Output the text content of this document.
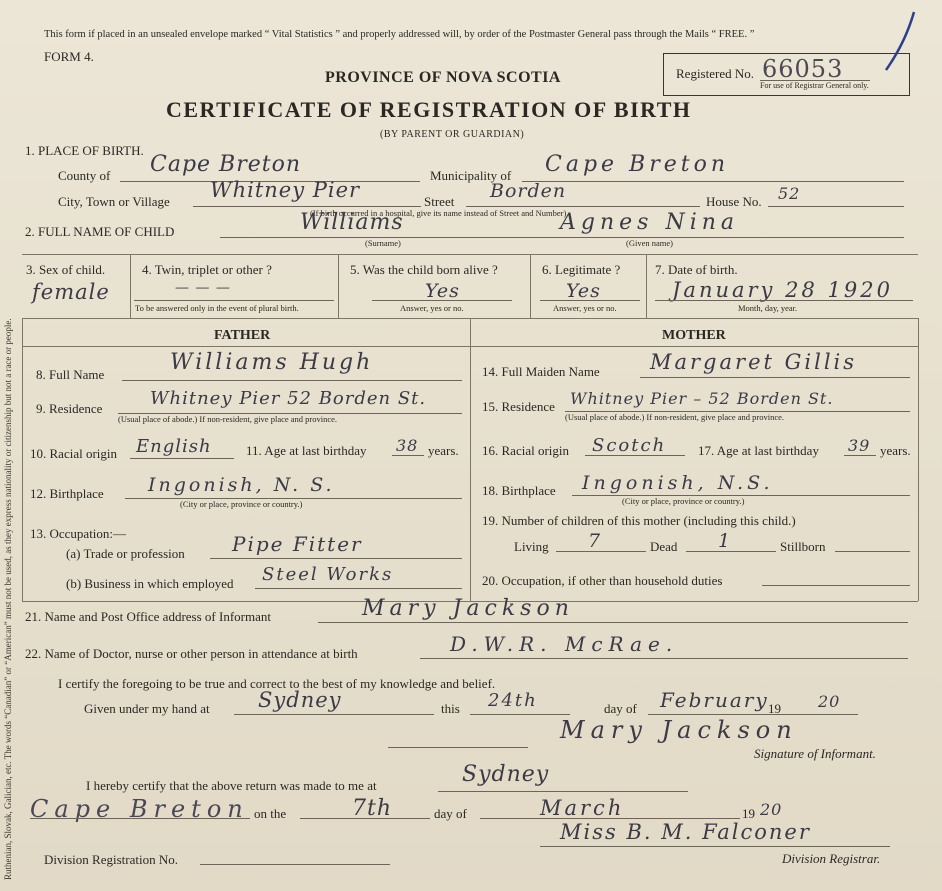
Ruthenian, Slovak, Galician, etc. The words “Canadian” or “American” must not be used, as they express nationality or citizenship but not a race or people.
This form if placed in an unsealed envelope marked “ Vital Statistics ” and properly addressed will, by order of the Postmaster General pass through the Mails “ FREE. ”
FORM 4.
PROVINCE OF NOVA SCOTIA
CERTIFICATE OF REGISTRATION OF BIRTH
(BY PARENT OR GUARDIAN)
Registered No. 66053
For use of Registrar General only.
1. PLACE OF BIRTH.
County of Cape Breton	Municipality of Cape Breton
City, Town or Village Whitney Pier	Street Borden	House No. 52
(If birth occurred in a hospital, give its name instead of Street and Number)
2. FULL NAME OF CHILD	Williams	Agnes Nina
(Surname)	(Given name)
3. Sex of child.
female
4. Twin, triplet or other ?
— — —
To be answered only in the event of plural birth.
5. Was the child born alive ?
Yes
Answer, yes or no.
6. Legitimate ?
Yes
Answer, yes or no.
7. Date of birth.
January 28 1920
Month, day, year.
FATHER	MOTHER
8. Full Name	Williams Hugh
9. Residence	Whitney Pier 52 Borden St.
(Usual place of abode.) If non-resident, give place and province.
10. Racial origin English	11. Age at last birthday 38 years.
12. Birthplace Ingonish, N. S.
(City or place, province or country.)
13. Occupation:—
(a) Trade or profession Pipe Fitter
(b) Business in which employed Steel Works
14. Full Maiden Name Margaret Gillis
15. Residence Whitney Pier – 52 Borden St.
(Usual place of abode.) If non-resident, give place and province.
16. Racial origin Scotch 17. Age at last birthday 39 years.
18. Birthplace Ingonish, N.S.
(City or place, province or country.)
19. Number of children of this mother (including this child.)
Living 7	Dead 1	Stillborn
20. Occupation, if other than household duties
21. Name and Post Office address of Informant	Mary Jackson
22. Name of Doctor, nurse or other person in attendance at birth	D.W.R. McRae.
I certify the foregoing to be true and correct to the best of my knowledge and belief.
Given under my hand at Sydney	this 24th	day of February 19 20
Mary Jackson
Signature of Informant.
I hereby certify that the above return was made to me at	Sydney
Cape Breton on the	7th	day of	March	19 20
Miss B. M. Falconer
Division Registration No.	Division Registrar.
